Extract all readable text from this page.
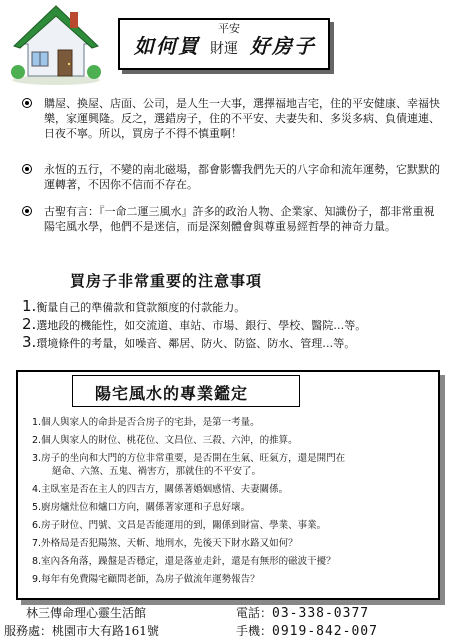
如何買
平安
財運 好房子
購屋、換屋、店面、公司，是人生一大事，選擇福地吉宅，住的平安健康、幸福快樂，家運興隆。反之，選錯房子，住的不平安、夫妻失和、多災多病、負債連連、日夜不寧。所以，買房子不得不慎重啊！
永恆的五行，不變的南北磁場，都會影響我們先天的八字命和流年運勢，它默默的運轉著，不因你不信而不存在。
古聖有言：『一命二運三風水』許多的政治人物、企業家、知識份子，都非常重視陽宅風水學，他們不是迷信，而是深刻體會與尊重易經哲學的神奇力量。
買房子非常重要的注意事項
1.衡量自己的準備款和貸款額度的付款能力。
2.選地段的機能性，如交流道、車站、市場、銀行、學校、醫院…等。
3.環境條件的考量，如噪音、鄰居、防火、防盜、防水、管理…等。
陽宅風水的專業鑑定
1.個人與家人的命卦是否合房子的宅卦，是第一考量。
2.個人與家人的財位、桃花位、文昌位、三殺、六沖，的推算。
3.房子的坐向和大門的方位非常重要，是否開在生氣、旺氣方，還是開門在
絕命、六煞、五鬼、禍害方，那就住的不平安了。
4.主臥室是否在主人的四吉方，關係著婚姻感情、夫妻關係。
5.廚房爐灶位和爐口方向，關係著家運和子息好壞。
6.房子財位、門號、文昌是否能運用的到，關係到財富、學業、事業。
7.外格局是否犯陽煞、天斬、地刑水，先後天下財水路又如何？
8.室內各角落，躁盤是否穩定，還是落並走針，還是有無形的磁波干擾？
9.每年有免費陽宅顧問老師，為房子做流年運勢報告？
林三傳命理心靈生活館	電話：03-338-0377
服務處：桃園市大有路161號	手機：0919-842-007
